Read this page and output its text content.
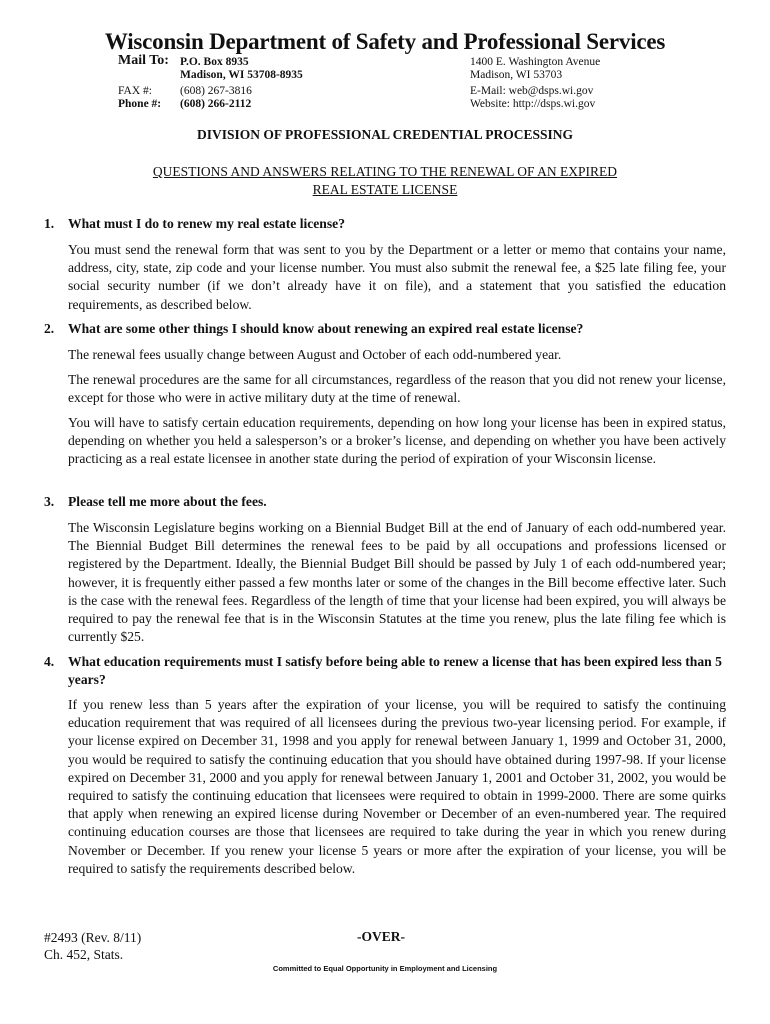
Wisconsin Department of Safety and Professional Services
Mail To: P.O. Box 8935
Madison, WI 53708-8935
FAX #: (608) 267-3816
Phone #: (608) 266-2112
1400 E. Washington Avenue
Madison, WI 53703
E-Mail: web@dsps.wi.gov
Website: http://dsps.wi.gov
DIVISION OF PROFESSIONAL CREDENTIAL PROCESSING
QUESTIONS AND ANSWERS RELATING TO THE RENEWAL OF AN EXPIRED
REAL ESTATE LICENSE
1. What must I do to renew my real estate license?
You must send the renewal form that was sent to you by the Department or a letter or memo that contains your name, address, city, state, zip code and your license number. You must also submit the renewal fee, a $25 late filing fee, your social security number (if we don’t already have it on file), and a statement that you satisfied the education requirements, as described below.
2. What are some other things I should know about renewing an expired real estate license?
The renewal fees usually change between August and October of each odd-numbered year.
The renewal procedures are the same for all circumstances, regardless of the reason that you did not renew your license, except for those who were in active military duty at the time of renewal.
You will have to satisfy certain education requirements, depending on how long your license has been in expired status, depending on whether you held a salesperson’s or a broker’s license, and depending on whether you have been actively practicing as a real estate licensee in another state during the period of expiration of your Wisconsin license.
3. Please tell me more about the fees.
The Wisconsin Legislature begins working on a Biennial Budget Bill at the end of January of each odd-numbered year. The Biennial Budget Bill determines the renewal fees to be paid by all occupations and professions licensed or registered by the Department. Ideally, the Biennial Budget Bill should be passed by July 1 of each odd-numbered year; however, it is frequently either passed a few months later or some of the changes in the Bill become effective later. Such is the case with the renewal fees. Regardless of the length of time that your license had been expired, you will always be required to pay the renewal fee that is in the Wisconsin Statutes at the time you renew, plus the late filing fee which is currently $25.
4. What education requirements must I satisfy before being able to renew a license that has been expired less than 5 years?
If you renew less than 5 years after the expiration of your license, you will be required to satisfy the continuing education requirement that was required of all licensees during the previous two-year licensing period. For example, if your license expired on December 31, 1998 and you apply for renewal between January 1, 1999 and October 31, 2000, you would be required to satisfy the continuing education that you should have obtained during 1997-98. If your license expired on December 31, 2000 and you apply for renewal between January 1, 2001 and October 31, 2002, you would be required to satisfy the continuing education that licensees were required to obtain in 1999-2000. There are some quirks that apply when renewing an expired license during November or December of an even-numbered year. The required continuing education courses are those that licensees are required to take during the year in which you renew during November or December. If you renew your license 5 years or more after the expiration of your license, you will be required to satisfy the requirements described below.
#2493 (Rev. 8/11)
Ch. 452, Stats.
-OVER-
Committed to Equal Opportunity in Employment and Licensing
